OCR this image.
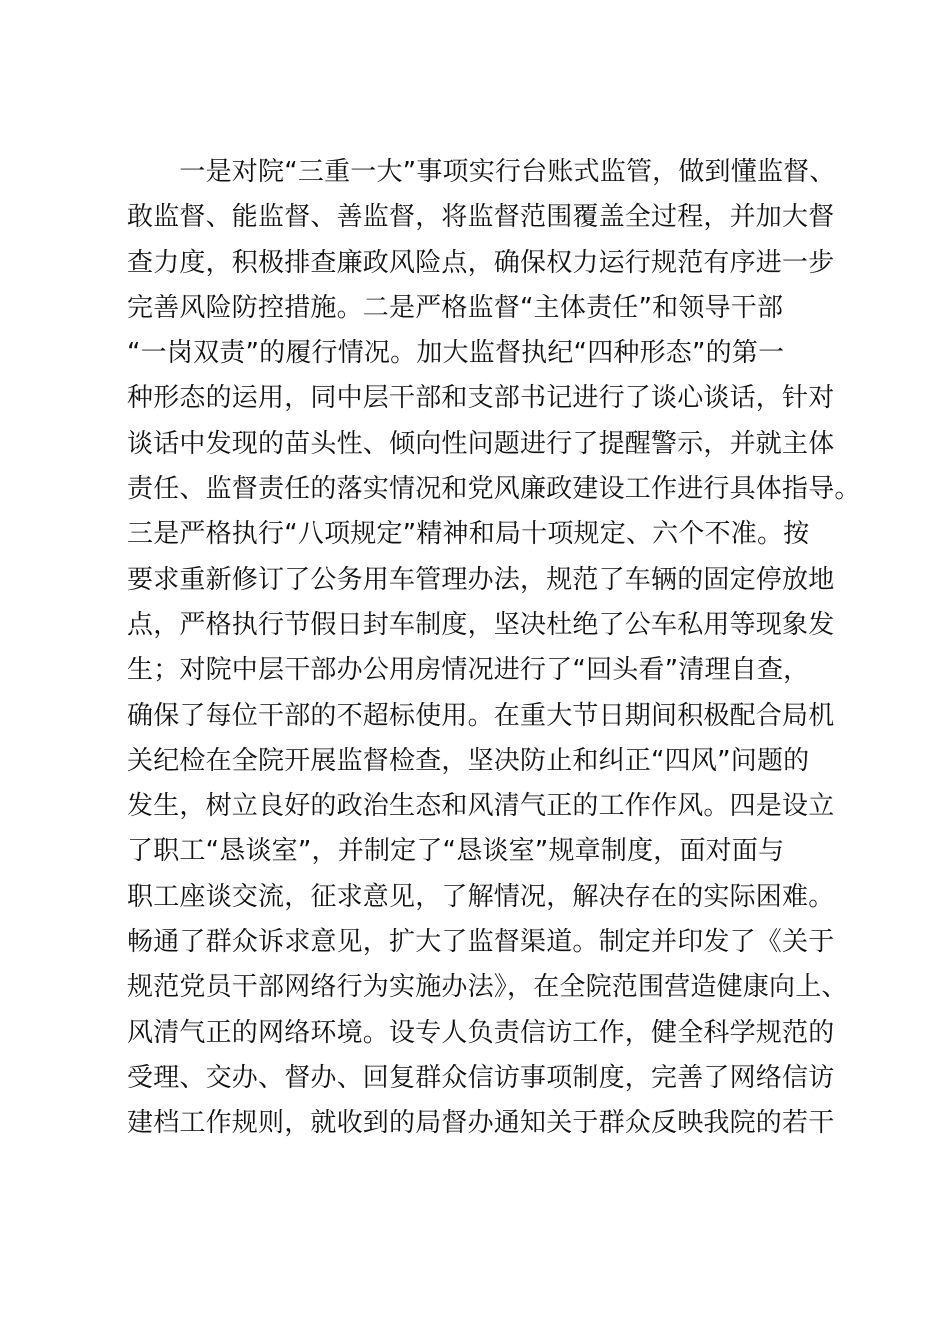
　　一是对院“三重一大”事项实行台账式监管，做到懂监督、
敢监督、能监督、善监督，将监督范围覆盖全过程，并加大督
查力度，积极排查廉政风险点，确保权力运行规范有序进一步
完善风险防控措施。二是严格监督“主体责任”和领导干部
“一岗双责”的履行情况。加大监督执纪“四种形态”的第一
种形态的运用，同中层干部和支部书记进行了谈心谈话，针对
谈话中发现的苗头性、倾向性问题进行了提醒警示，并就主体
责任、监督责任的落实情况和党风廉政建设工作进行具体指导。
三是严格执行“八项规定”精神和局十项规定、六个不准。按
要求重新修订了公务用车管理办法，规范了车辆的固定停放地
点，严格执行节假日封车制度，坚决杜绝了公车私用等现象发
生；对院中层干部办公用房情况进行了“回头看”清理自查，
确保了每位干部的不超标使用。在重大节日期间积极配合局机
关纪检在全院开展监督检查，坚决防止和纠正“四风”问题的
发生，树立良好的政治生态和风清气正的工作作风。四是设立
了职工“恳谈室”，并制定了“恳谈室”规章制度，面对面与
职工座谈交流，征求意见，了解情况，解决存在的实际困难。
畅通了群众诉求意见，扩大了监督渠道。制定并印发了《关于
规范党员干部网络行为实施办法》，在全院范围营造健康向上、
风清气正的网络环境。设专人负责信访工作，健全科学规范的
受理、交办、督办、回复群众信访事项制度，完善了网络信访
建档工作规则，就收到的局督办通知关于群众反映我院的若干
